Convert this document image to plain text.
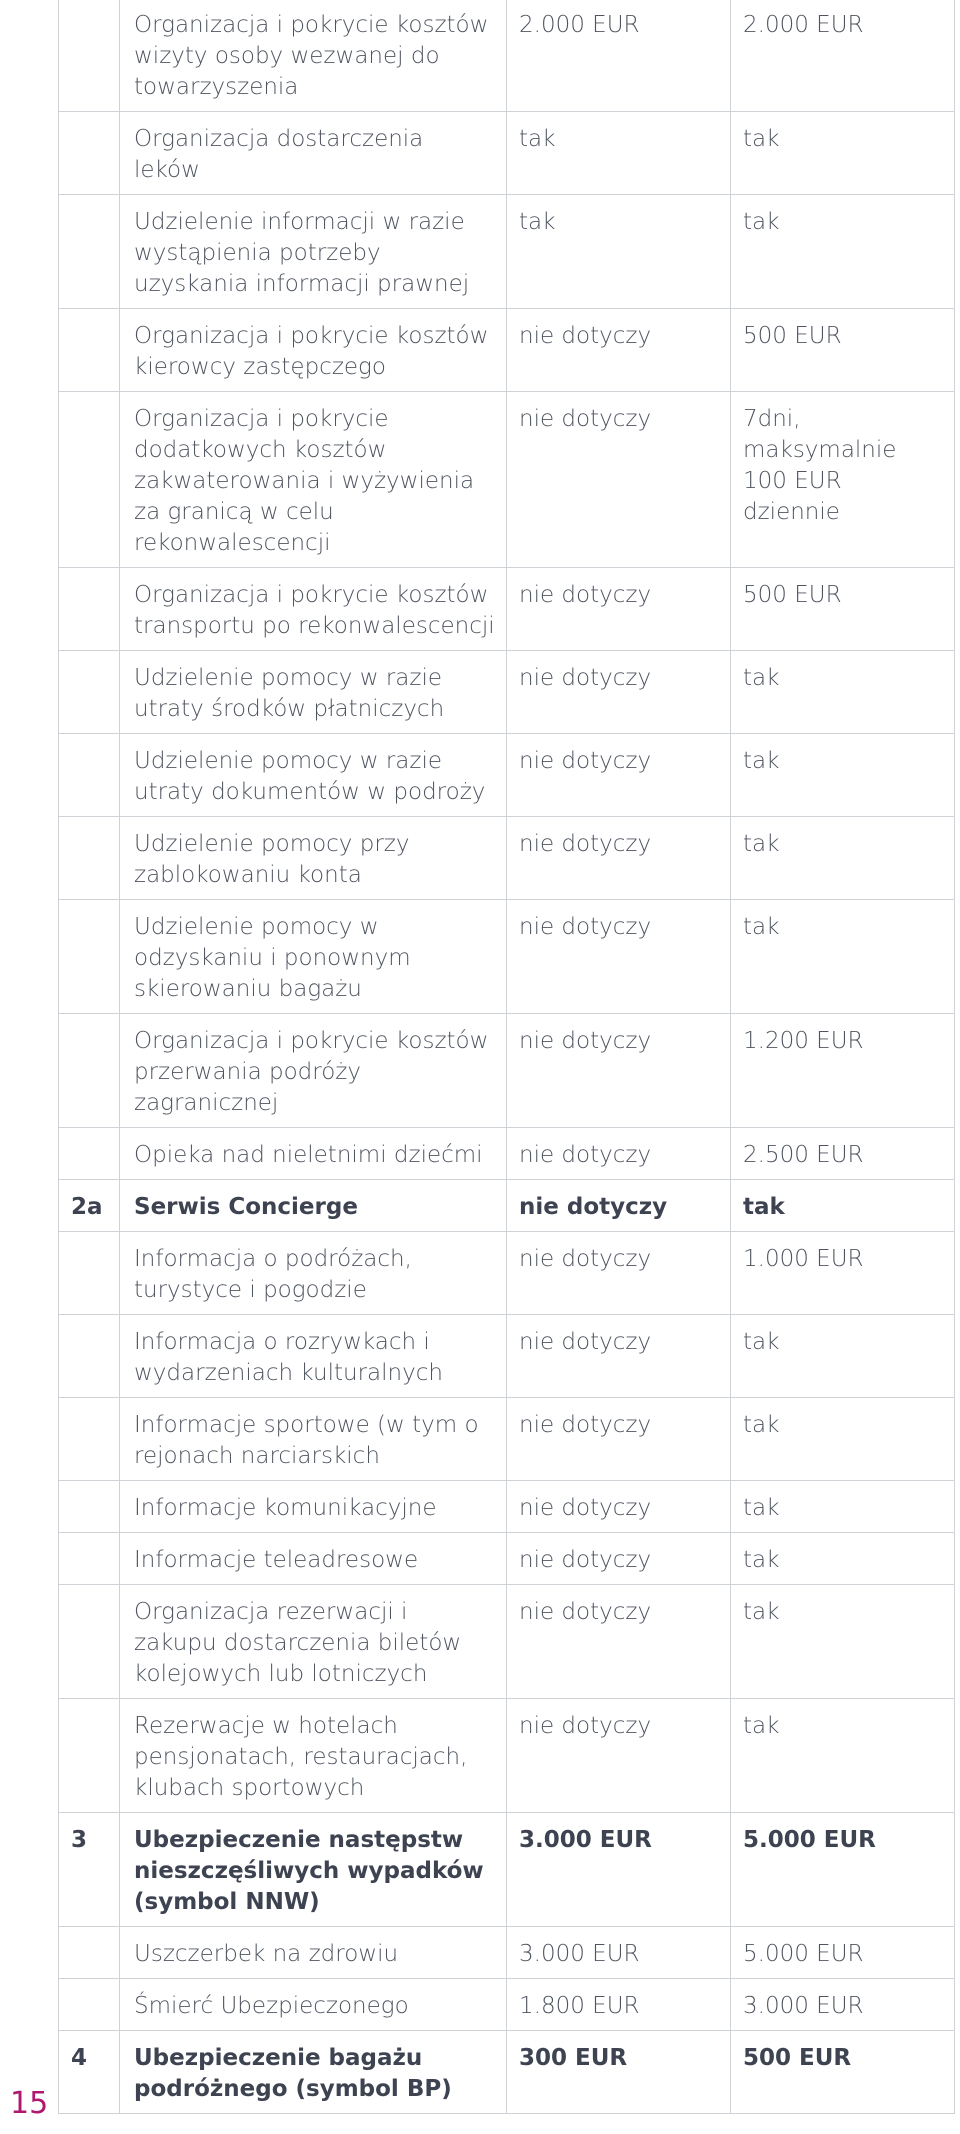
	Organizacja i pokrycie kosztów wizyty osoby wezwanej do towarzyszenia	2.000 EUR	2.000 EUR
	Organizacja dostarczenia leków	tak	tak
	Udzielenie informacji w razie wystąpienia potrzeby uzyskania informacji prawnej	tak	tak
	Organizacja i pokrycie kosztów kierowcy zastępczego	nie dotyczy	500 EUR
	Organizacja i pokrycie dodatkowych kosztów zakwaterowania i wyżywienia za granicą w celu rekonwalescencji	nie dotyczy	7dni, maksymalnie 100 EUR dziennie
	Organizacja i pokrycie kosztów transportu po rekonwalescencji	nie dotyczy	500 EUR
	Udzielenie pomocy w razie utraty środków płatniczych	nie dotyczy	tak
	Udzielenie pomocy w razie utraty dokumentów w podroży	nie dotyczy	tak
	Udzielenie pomocy przy zablokowaniu konta	nie dotyczy	tak
	Udzielenie pomocy w odzyskaniu i ponownym skierowaniu bagażu	nie dotyczy	tak
	Organizacja i pokrycie kosztów przerwania podróży zagranicznej	nie dotyczy	1.200 EUR
	Opieka nad nieletnimi dziećmi	nie dotyczy	2.500 EUR
2a	Serwis Concierge	nie dotyczy	tak
	Informacja o podróżach, turystyce i pogodzie	nie dotyczy	1.000 EUR
	Informacja o rozrywkach i wydarzeniach kulturalnych	nie dotyczy	tak
	Informacje sportowe (w tym o rejonach narciarskich	nie dotyczy	tak
	Informacje komunikacyjne	nie dotyczy	tak
	Informacje teleadresowe	nie dotyczy	tak
	Organizacja rezerwacji i zakupu dostarczenia biletów kolejowych lub lotniczych	nie dotyczy	tak
	Rezerwacje w hotelach pensjonatach, restauracjach, klubach sportowych	nie dotyczy	tak
3	Ubezpieczenie następstw nieszczęśliwych wypadków (symbol NNW)	3.000 EUR	5.000 EUR
	Uszczerbek na zdrowiu	3.000 EUR	5.000 EUR
	Śmierć Ubezpieczonego	1.800 EUR	3.000 EUR
4	Ubezpieczenie bagażu podróżnego (symbol BP)	300 EUR	500 EUR
15
